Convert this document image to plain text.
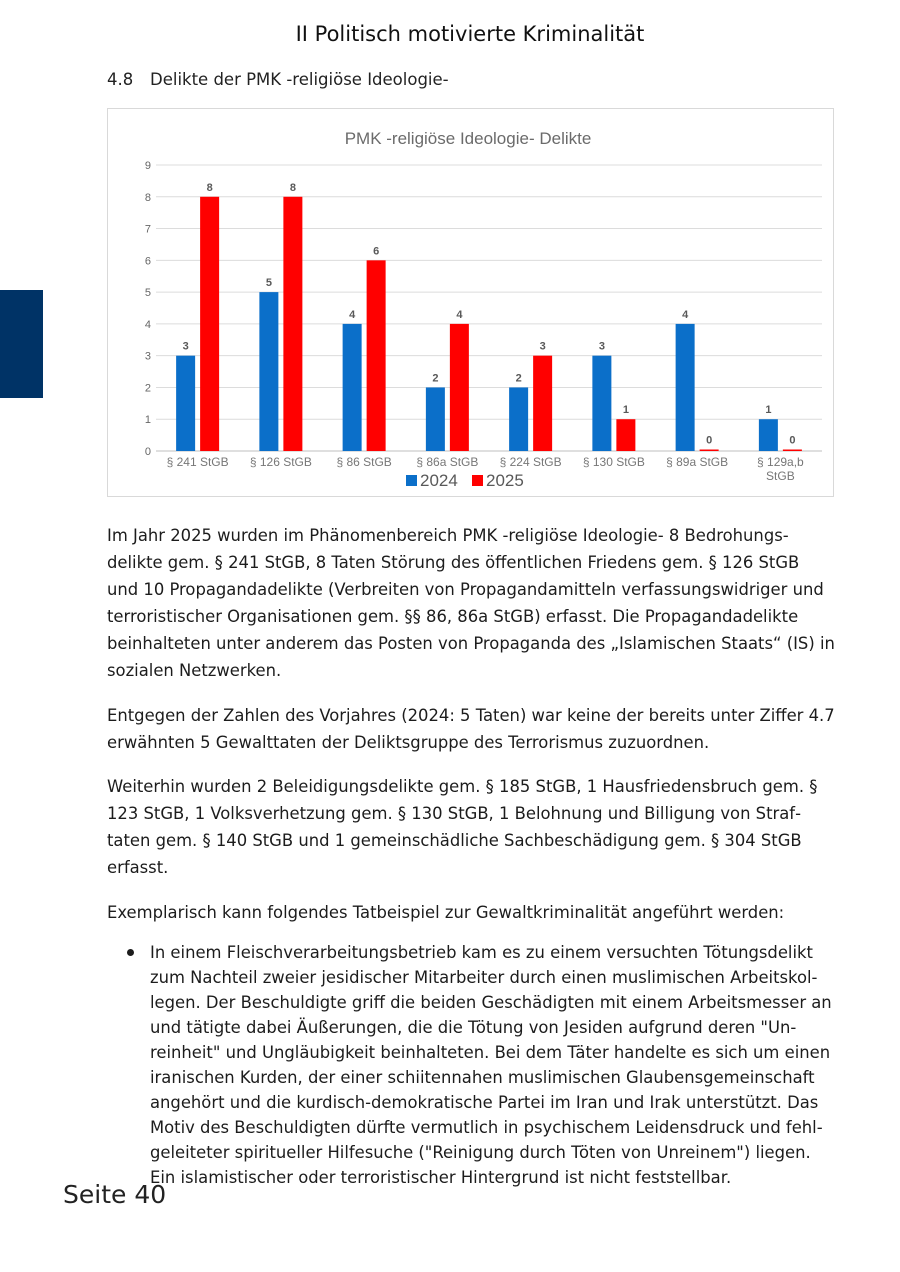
II Politisch motivierte Kriminalität
4.8 Delikte der PMK -religiöse Ideologie-
PMK -religiöse Ideologie- Delikte
0
1
2
3
4
5
6
7
8
9
3
8
§ 241 StGB
5
8
§ 126 StGB
4
6
§ 86 StGB
2
4
§ 86a StGB
2
3
§ 224 StGB
3
1
§ 130 StGB
4
0
§ 89a StGB
1
0
§ 129a,b
StGB
2024 2025
Im Jahr 2025 wurden im Phänomenbereich PMK -religiöse Ideologie- 8 Bedrohungsdelikte gem. § 241 StGB, 8 Taten Störung des öffentlichen Friedens gem. § 126 StGB und 10 Propagandadelikte (Verbreiten von Propagandamitteln verfassungswidriger und terroristischer Organisationen gem. §§ 86, 86a StGB) erfasst. Die Propagandadelikte beinhalteten unter anderem das Posten von Propaganda des „Islamischen Staats“ (IS) in sozialen Netzwerken.
Entgegen der Zahlen des Vorjahres (2024: 5 Taten) war keine der bereits unter Ziffer 4.7 erwähnten 5 Gewalttaten der Deliktsgruppe des Terrorismus zuzuordnen.
Weiterhin wurden 2 Beleidigungsdelikte gem. § 185 StGB, 1 Hausfriedensbruch gem. § 123 StGB, 1 Volksverhetzung gem. § 130 StGB, 1 Belohnung und Billigung von Straftaten gem. § 140 StGB und 1 gemeinschädliche Sachbeschädigung gem. § 304 StGB erfasst.
Exemplarisch kann folgendes Tatbeispiel zur Gewaltkriminalität angeführt werden:
In einem Fleischverarbeitungsbetrieb kam es zu einem versuchten Tötungsdelikt zum Nachteil zweier jesidischer Mitarbeiter durch einen muslimischen Arbeitskollegen. Der Beschuldigte griff die beiden Geschädigten mit einem Arbeitsmesser an und tätigte dabei Äußerungen, die die Tötung von Jesiden aufgrund deren "Unreinheit" und Ungläubigkeit beinhalteten. Bei dem Täter handelte es sich um einen iranischen Kurden, der einer schiitennahen muslimischen Glaubensgemeinschaft angehört und die kurdisch-demokratische Partei im Iran und Irak unterstützt. Das Motiv des Beschuldigten dürfte vermutlich in psychischem Leidensdruck und fehlgeleiteter spiritueller Hilfesuche ("Reinigung durch Töten von Unreinem") liegen. Ein islamistischer oder terroristischer Hintergrund ist nicht feststellbar.
Seite 40
